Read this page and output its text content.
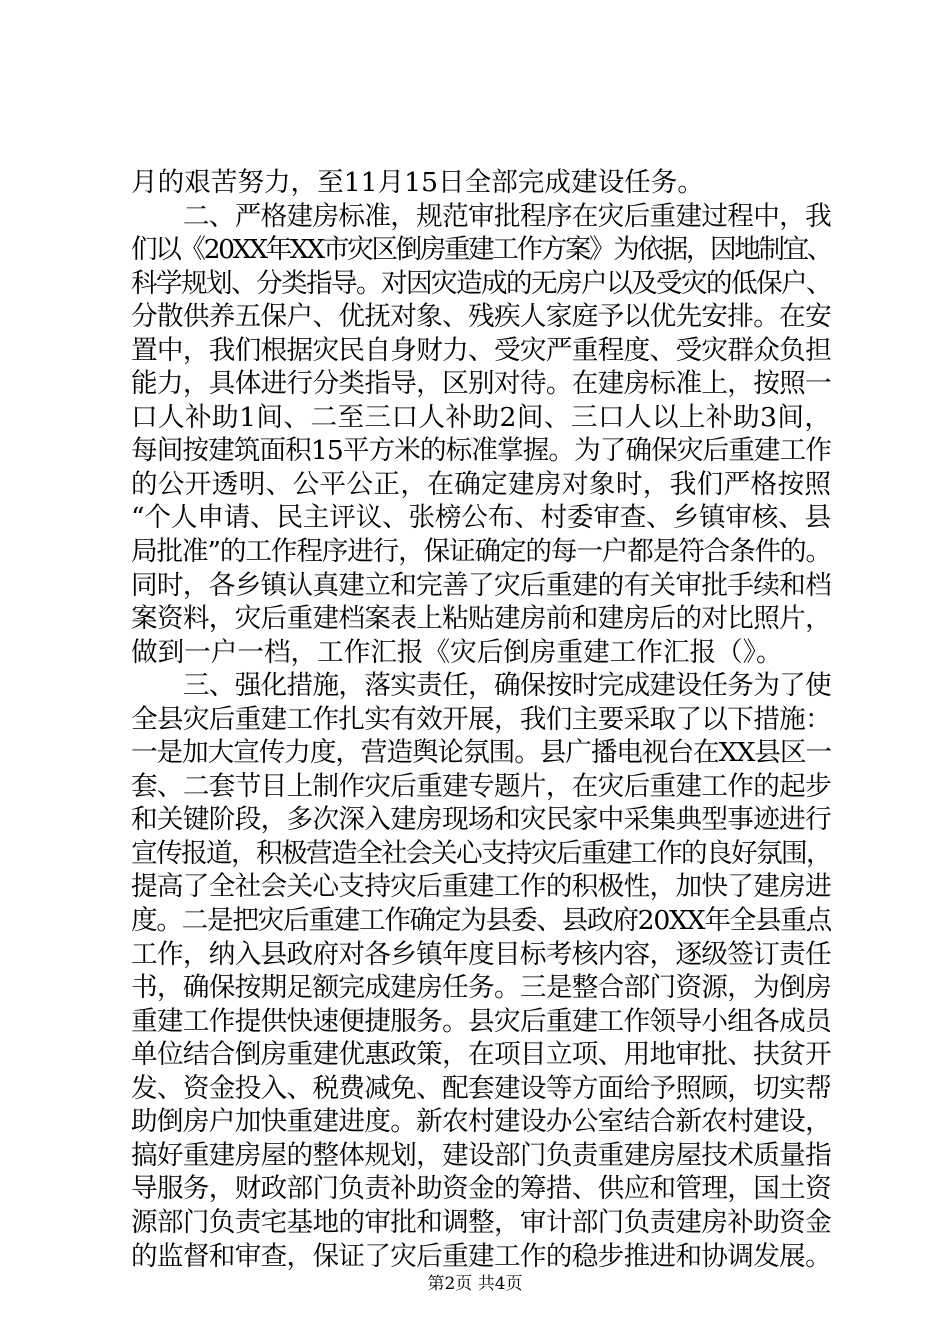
月的艰苦努力，至11月15日全部完成建设任务。
　　二、严格建房标准，规范审批程序在灾后重建过程中，我
们以《20XX年XX市灾区倒房重建工作方案》为依据，因地制宜、
科学规划、分类指导。对因灾造成的无房户以及受灾的低保户、
分散供养五保户、优抚对象、残疾人家庭予以优先安排。在安
置中，我们根据灾民自身财力、受灾严重程度、受灾群众负担
能力，具体进行分类指导，区别对待。在建房标准上，按照一
口人补助1间、二至三口人补助2间、三口人以上补助3间，
每间按建筑面积15平方米的标准掌握。为了确保灾后重建工作
的公开透明、公平公正，在确定建房对象时，我们严格按照
“个人申请、民主评议、张榜公布、村委审查、乡镇审核、县
局批准”的工作程序进行，保证确定的每一户都是符合条件的。
同时，各乡镇认真建立和完善了灾后重建的有关审批手续和档
案资料，灾后重建档案表上粘贴建房前和建房后的对比照片，
做到一户一档，工作汇报《灾后倒房重建工作汇报（》。
　　三、强化措施，落实责任，确保按时完成建设任务为了使
全县灾后重建工作扎实有效开展，我们主要采取了以下措施：
一是加大宣传力度，营造舆论氛围。县广播电视台在XX县区一
套、二套节目上制作灾后重建专题片，在灾后重建工作的起步
和关键阶段，多次深入建房现场和灾民家中采集典型事迹进行
宣传报道，积极营造全社会关心支持灾后重建工作的良好氛围，
提高了全社会关心支持灾后重建工作的积极性，加快了建房进
度。二是把灾后重建工作确定为县委、县政府20XX年全县重点
工作，纳入县政府对各乡镇年度目标考核内容，逐级签订责任
书，确保按期足额完成建房任务。三是整合部门资源，为倒房
重建工作提供快速便捷服务。县灾后重建工作领导小组各成员
单位结合倒房重建优惠政策，在项目立项、用地审批、扶贫开
发、资金投入、税费减免、配套建设等方面给予照顾，切实帮
助倒房户加快重建进度。新农村建设办公室结合新农村建设，
搞好重建房屋的整体规划，建设部门负责重建房屋技术质量指
导服务，财政部门负责补助资金的筹措、供应和管理，国土资
源部门负责宅基地的审批和调整，审计部门负责建房补助资金
的监督和审查，保证了灾后重建工作的稳步推进和协调发展。
第2页 共4页
